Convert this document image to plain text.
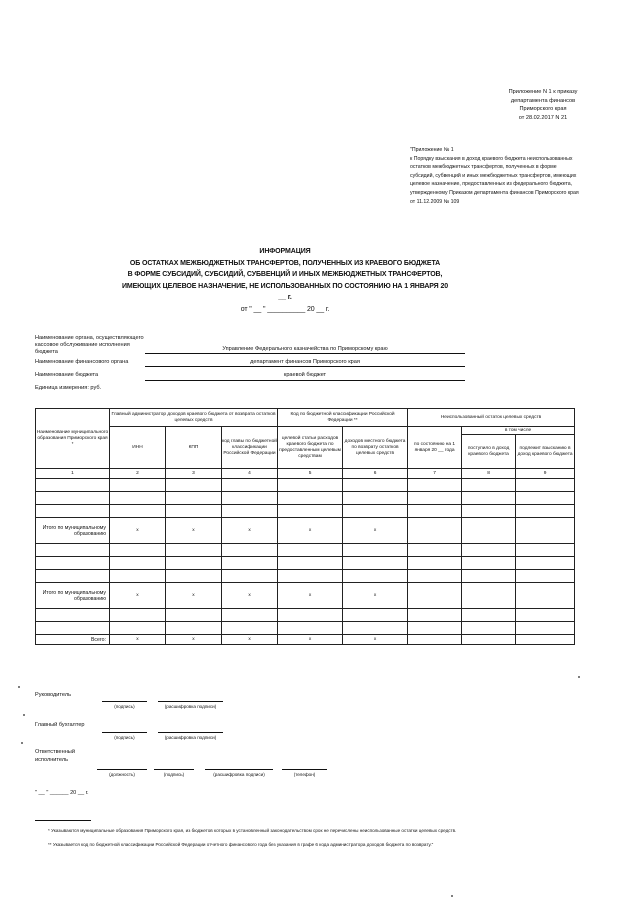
Приложение N 1 к приказу
департамента финансов
Приморского края
от 28.02.2017 N 21
"Приложение № 1
к Порядку взыскания в доход краевого бюджета неиспользованных
остатков межбюджетных трансфертов, полученных в форме
субсидий, субвенций и иных межбюджетных трансфертов, имеющих
целевое назначение, предоставленных из федерального бюджета,
утвержденному Приказом департамента финансов Приморского края
от 11.12.2009 № 109
ИНФОРМАЦИЯ
ОБ ОСТАТКАХ МЕЖБЮДЖЕТНЫХ ТРАНСФЕРТОВ, ПОЛУЧЕННЫХ ИЗ КРАЕВОГО БЮДЖЕТА
В ФОРМЕ СУБСИДИЙ, СУБСИДИЙ, СУБВЕНЦИЙ И ИНЫХ МЕЖБЮДЖЕТНЫХ ТРАНСФЕРТОВ,
ИМЕЮЩИХ ЦЕЛЕВОЕ НАЗНАЧЕНИЕ, НЕ ИСПОЛЬЗОВАННЫХ ПО СОСТОЯНИЮ НА 1 ЯНВАРЯ 20 __ г.
от " __ " __________ 20 __ г.
Наименование органа, осуществляющего кассовое обслуживание исполнения бюджета	Управление Федерального казначейства по Приморскому краю
Наименование финансового органа	департамент финансов Приморского края
Наименование бюджета	краевой бюджет
Единица измерения: руб.
Наименование муниципального образования Приморского края *	Главный администратор доходов краевого бюджета от возврата остатков целевых средств			Код по бюджетной классификации Российской Федерации **		Неиспользованный остаток целевых средств		
	ИНН	КПП	код главы по бюджетной классификации Российской Федерации	целевой статьи расходов краевого бюджета по предоставленным целевым средствам	доходов местного бюджета по возврату остатков целевых средств	по состоянию на 1 января 20 __ года	в том числе	
							поступило в доход краевого бюджета	подлежит взысканию в доход краевого бюджета
1	2	3	4	5	6	7	8	9

Итого по муниципальному образованию	x	x	x	x	x			

Итого по муниципальному образованию	x	x	x	x	x			

Всего:	x	x	x	x	x			
Руководитель
(подпись)	(расшифровка подписи)
Главный бухгалтер
(подпись)	(расшифровка подписи)
Ответственный исполнитель
(должность)	(подпись)	(расшифровка подписи)	(телефон)
" __ " ______ 20 __ г.
* Указываются муниципальные образования Приморского края, из бюджетов которых в установленный законодательством срок не перечислены неиспользованные остатки целевых средств.
** Указывается код по бюджетной классификации Российской Федерации отчетного финансового года без указания в графе 6 кода администратора доходов бюджета по возврату."
